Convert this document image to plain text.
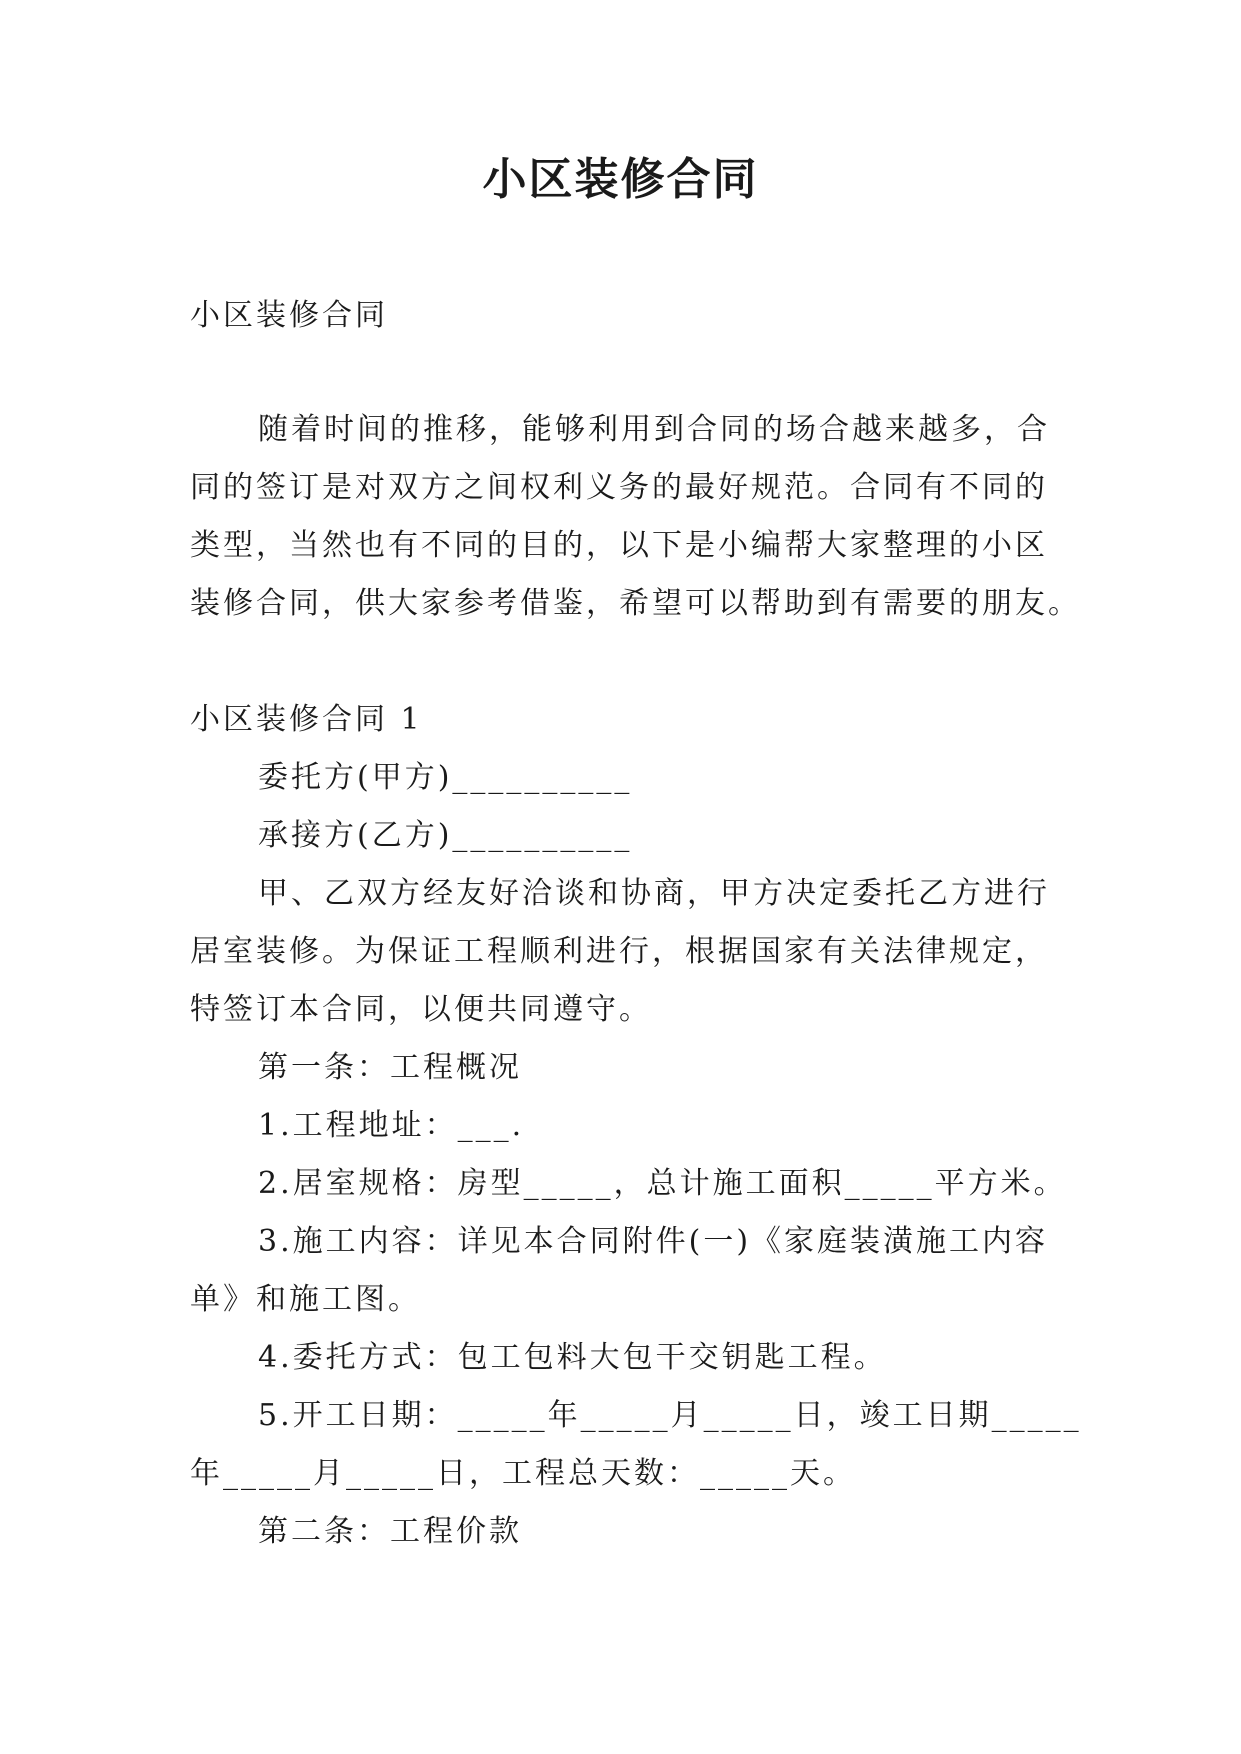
小区装修合同
小区装修合同
随着时间的推移，能够利用到合同的场合越来越多，合
同的签订是对双方之间权利义务的最好规范。合同有不同的
类型，当然也有不同的目的，以下是小编帮大家整理的小区
装修合同，供大家参考借鉴，希望可以帮助到有需要的朋友。
小区装修合同 1
委托方(甲方)__________
承接方(乙方)__________
甲、乙双方经友好洽谈和协商，甲方决定委托乙方进行
居室装修。为保证工程顺利进行，根据国家有关法律规定，
特签订本合同，以便共同遵守。
第一条：工程概况
1.工程地址：___.
2.居室规格：房型_____，总计施工面积_____平方米。
3.施工内容：详见本合同附件(一)《家庭装潢施工内容
单》和施工图。
4.委托方式：包工包料大包干交钥匙工程。
5.开工日期：_____年_____月_____日，竣工日期_____
年_____月_____日，工程总天数：_____天。
第二条：工程价款
